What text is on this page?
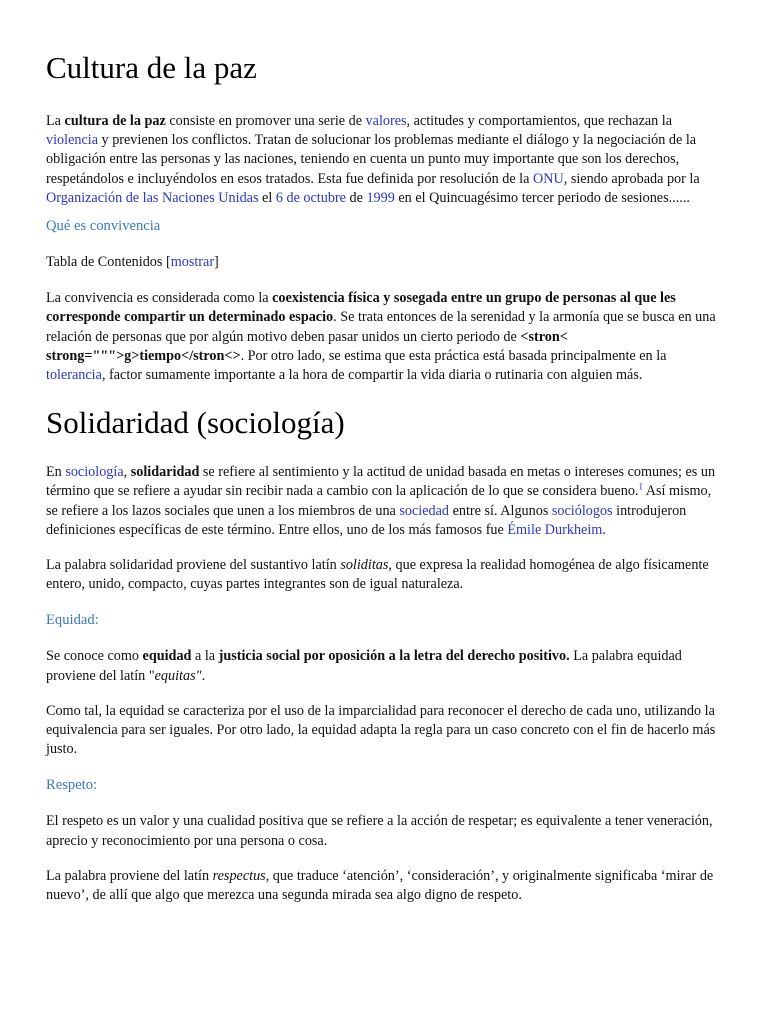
Cultura de la paz

La cultura de la paz consiste en promover una serie de valores, actitudes y comportamientos, que rechazan la violencia y previenen los conflictos. Tratan de solucionar los problemas mediante el diálogo y la negociación de la obligación entre las personas y las naciones, teniendo en cuenta un punto muy importante que son los derechos, respetándolos e incluyéndolos en esos tratados. Esta fue definida por resolución de la ONU, siendo aprobada por la Organización de las Naciones Unidas el 6 de octubre de 1999 en el Quincuagésimo tercer periodo de sesiones......

Qué es convivencia

Tabla de Contenidos [mostrar]

La convivencia es considerada como la coexistencia física y sosegada entre un grupo de personas al que les corresponde compartir un determinado espacio. Se trata entonces de la serenidad y la armonía que se busca en una relación de personas que por algún motivo deben pasar unidos un cierto periodo de <stron< strong=""">g>tiempo</stron<>. Por otro lado, se estima que esta práctica está basada principalmente en la tolerancia, factor sumamente importante a la hora de compartir la vida diaria o rutinaria con alguien más.

Solidaridad (sociología)

En sociología, solidaridad se refiere al sentimiento y la actitud de unidad basada en metas o intereses comunes; es un término que se refiere a ayudar sin recibir nada a cambio con la aplicación de lo que se considera bueno.$^1$ Así mismo, se refiere a los lazos sociales que unen a los miembros de una sociedad entre sí. Algunos sociólogos introdujeron definiciones específicas de este término. Entre ellos, uno de los más famosos fue Émile Durkheim.

La palabra solidaridad proviene del sustantivo latín soliditas, que expresa la realidad homogénea de algo físicamente entero, unido, compacto, cuyas partes integrantes son de igual naturaleza.

Equidad:

Se conoce como equidad a la justicia social por oposición a la letra del derecho positivo. La palabra equidad proviene del latín "equitas".

Como tal, la equidad se caracteriza por el uso de la imparcialidad para reconocer el derecho de cada uno, utilizando la equivalencia para ser iguales. Por otro lado, la equidad adapta la regla para un caso concreto con el fin de hacerlo más justo.

Respeto:

El respeto es un valor y una cualidad positiva que se refiere a la acción de respetar; es equivalente a tener veneración, aprecio y reconocimiento por una persona o cosa.

La palabra proviene del latín respectus, que traduce ‘atención’, ‘consideración’, y originalmente significaba ‘mirar de nuevo’, de allí que algo que merezca una segunda mirada sea algo digno de respeto.
